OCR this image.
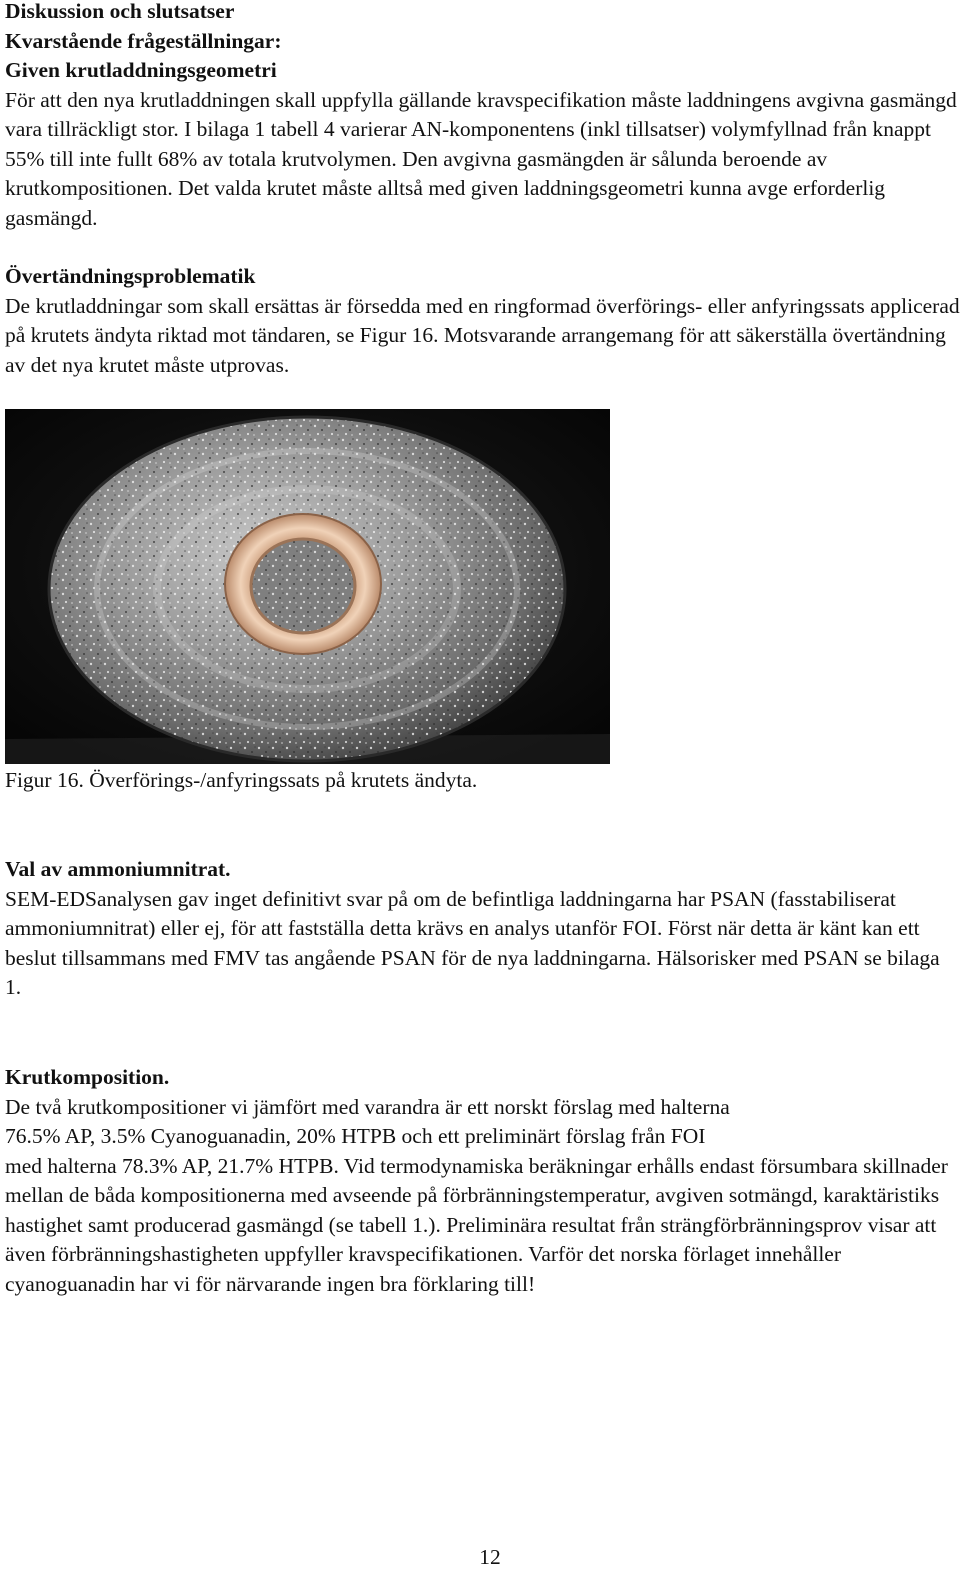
Diskussion och slutsatser

Kvarstående frågeställningar:

Given krutladdningsgeometri

För att den nya krutladdningen skall uppfylla gällande kravspecifikation måste laddningens avgivna gasmängd vara tillräckligt stor. I bilaga 1 tabell 4 varierar AN-komponentens (inkl tillsatser) volymfyllnad från knappt 55% till inte fullt 68% av totala krutvolymen. Den avgivna gasmängden är sålunda beroende av krutkompositionen. Det valda krutet måste alltså med given laddningsgeometri kunna avge erforderlig gasmängd.

Övertändningsproblematik

De krutladdningar som skall ersättas är försedda med en ringformad överförings- eller anfyringssats applicerad på krutets ändyta riktad mot tändaren, se Figur 16. Motsvarande arrangemang för att säkerställa övertändning av det nya krutet måste utprovas.

Figur 16. Överförings-/anfyringssats på krutets ändyta.

Val av ammoniumnitrat.

SEM-EDSanalysen gav inget definitivt svar på om de befintliga laddningarna har PSAN (fasstabiliserat ammoniumnitrat) eller ej, för att fastställa detta krävs en analys utanför FOI. Först när detta är känt kan ett beslut tillsammans med FMV tas angående PSAN för de nya laddningarna. Hälsorisker med PSAN se bilaga 1.

Krutkomposition.

De två krutkompositioner vi jämfört med varandra är ett norskt förslag med halterna

76.5% AP, 3.5% Cyanoguanadin, 20% HTPB och ett preliminärt förslag från FOI

med halterna 78.3% AP, 21.7% HTPB. Vid termodynamiska beräkningar erhålls endast försumbara skillnader mellan de båda kompositionerna med avseende på förbränningstemperatur, avgiven sotmängd, karaktäristiks hastighet samt producerad gasmängd (se tabell 1.). Preliminära resultat från strängförbränningsprov visar att även förbränningshastigheten uppfyller kravspecifikationen. Varför det norska förlaget innehåller cyanoguanadin har vi för närvarande ingen bra förklaring till!

12
